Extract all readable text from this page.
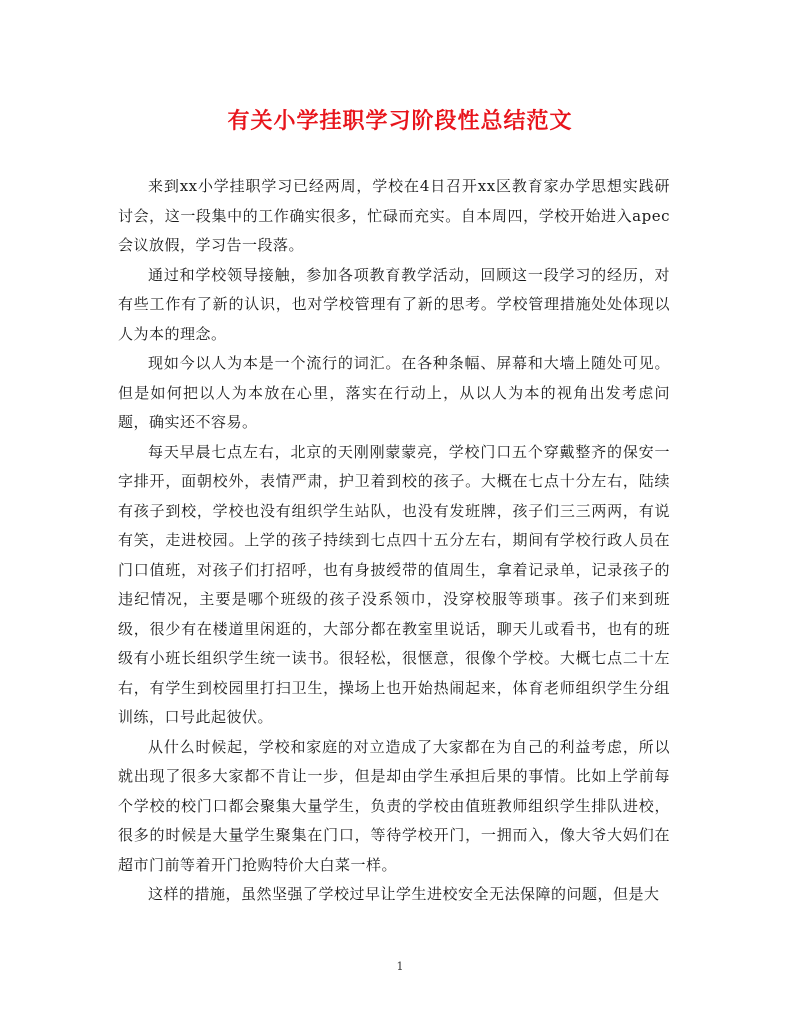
有关小学挂职学习阶段性总结范文

来到xx小学挂职学习已经两周，学校在4日召开xx区教育家办学思想实践研讨会，这一段集中的工作确实很多，忙碌而充实。自本周四，学校开始进入apec会议放假，学习告一段落。

通过和学校领导接触，参加各项教育教学活动，回顾这一段学习的经历，对有些工作有了新的认识，也对学校管理有了新的思考。学校管理措施处处体现以人为本的理念。

现如今以人为本是一个流行的词汇。在各种条幅、屏幕和大墙上随处可见。但是如何把以人为本放在心里，落实在行动上，从以人为本的视角出发考虑问题，确实还不容易。

每天早晨七点左右，北京的天刚刚蒙蒙亮，学校门口五个穿戴整齐的保安一字排开，面朝校外，表情严肃，护卫着到校的孩子。大概在七点十分左右，陆续有孩子到校，学校也没有组织学生站队，也没有发班牌，孩子们三三两两，有说有笑，走进校园。上学的孩子持续到七点四十五分左右，期间有学校行政人员在门口值班，对孩子们打招呼，也有身披绶带的值周生，拿着记录单，记录孩子的违纪情况，主要是哪个班级的孩子没系领巾，没穿校服等琐事。孩子们来到班级，很少有在楼道里闲逛的，大部分都在教室里说话，聊天儿或看书，也有的班级有小班长组织学生统一读书。很轻松，很惬意，很像个学校。大概七点二十左右，有学生到校园里打扫卫生，操场上也开始热闹起来，体育老师组织学生分组训练，口号此起彼伏。

从什么时候起，学校和家庭的对立造成了大家都在为自己的利益考虑，所以就出现了很多大家都不肯让一步，但是却由学生承担后果的事情。比如上学前每个学校的校门口都会聚集大量学生，负责的学校由值班教师组织学生排队进校，很多的时候是大量学生聚集在门口，等待学校开门，一拥而入，像大爷大妈们在超市门前等着开门抢购特价大白菜一样。

这样的措施，虽然坚强了学校过早让学生进校安全无法保障的问题，但是大

1
